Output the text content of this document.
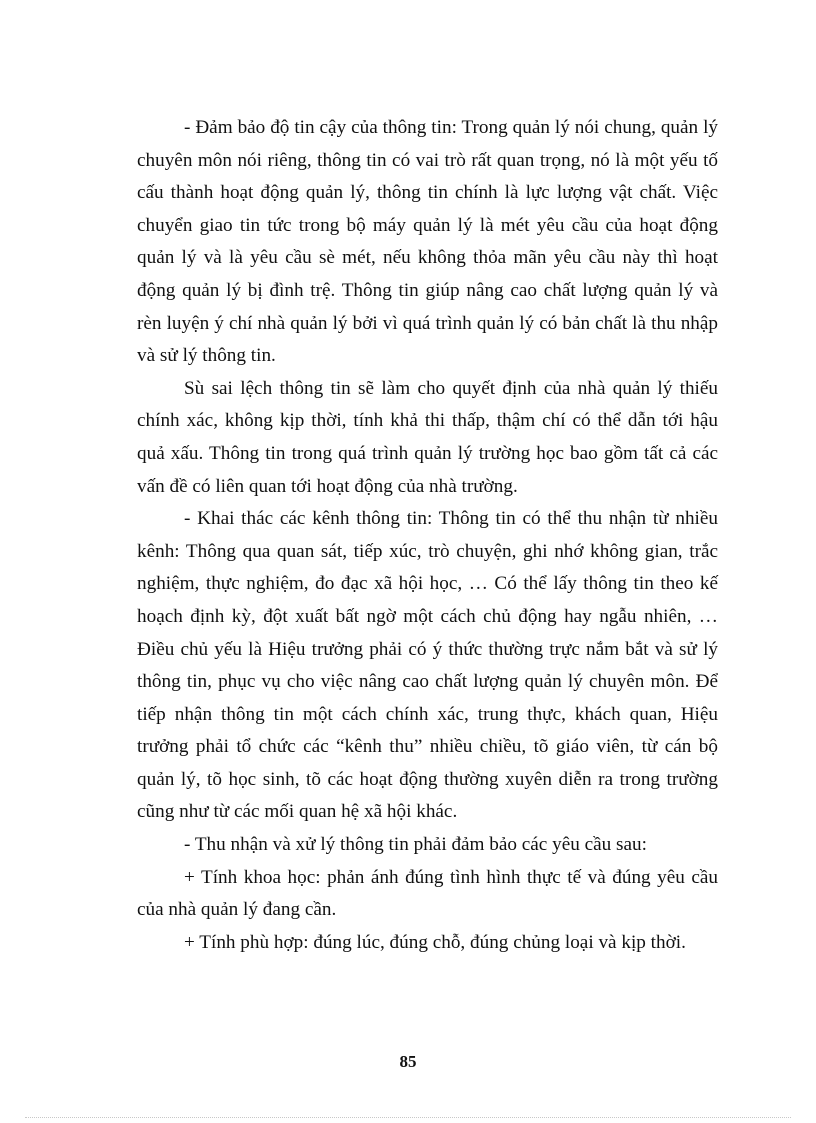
- Đảm bảo độ tin cậy của thông tin: Trong quản lý nói chung, quản lý chuyên môn nói riêng, thông tin có vai trò rất quan trọng, nó là một yếu tố cấu thành hoạt động quản lý, thông tin chính là lực lượng vật chất. Việc chuyển giao tin tức trong bộ máy quản lý là mét yêu cầu của hoạt động quản lý và là yêu cầu sè mét, nếu không thỏa mãn yêu cầu này thì hoạt động quản lý bị đình trệ. Thông tin giúp nâng cao chất lượng quản lý và rèn luyện ý chí nhà quản lý bởi vì quá trình quản lý có bản chất là thu nhập và sử lý thông tin.

Sù sai lệch thông tin sẽ làm cho quyết định của nhà quản lý thiếu chính xác, không kịp thời, tính khả thi thấp, thậm chí có thể dẫn tới hậu quả xấu. Thông tin trong quá trình quản lý trường học bao gồm tất cả các vấn đề có liên quan tới hoạt động của nhà trường.

- Khai thác các kênh thông tin: Thông tin có thể thu nhận từ nhiều kênh: Thông qua quan sát, tiếp xúc, trò chuyện, ghi nhớ không gian, trắc nghiệm, thực nghiệm, đo đạc xã hội học, … Có thể lấy thông tin theo kế hoạch định kỳ, đột xuất bất ngờ một cách chủ động hay ngẫu nhiên, … Điều chủ yếu là Hiệu trưởng phải có ý thức thường trực nắm bắt và sử lý thông tin, phục vụ cho việc nâng cao chất lượng quản lý chuyên môn. Để tiếp nhận thông tin một cách chính xác, trung thực, khách quan, Hiệu trưởng phải tổ chức các “kênh thu” nhiều chiều, tõ giáo viên, từ cán bộ quản lý, tõ học sinh, tõ các hoạt động thường xuyên diễn ra trong trường cũng như từ các mối quan hệ xã hội khác.

- Thu nhận và xử lý thông tin phải đảm bảo các yêu cầu sau:

+ Tính khoa học: phản ánh đúng tình hình thực tế và đúng yêu cầu của nhà quản lý đang cần.

+ Tính phù hợp: đúng lúc, đúng chỗ, đúng chủng loại và kịp thời.

85
